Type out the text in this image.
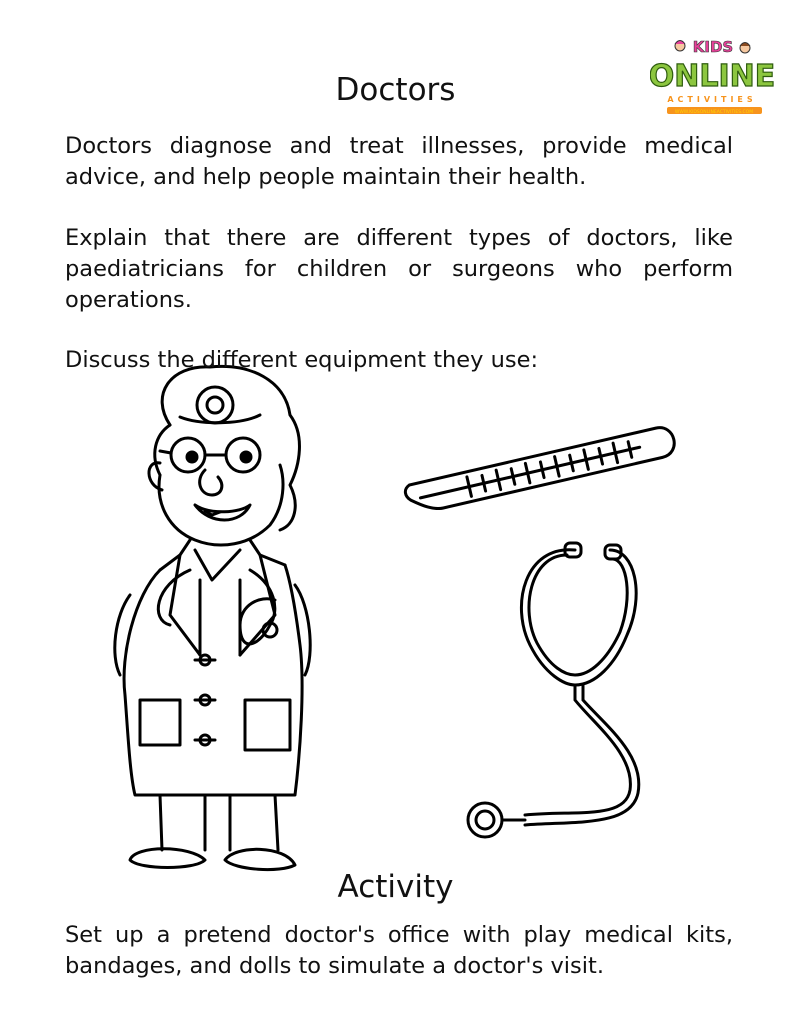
KIDS
ONLINE
ACTIVITIES
WWW.KIDSONLINEACTIVITIES.COM
Doctors

Doctors diagnose and treat illnesses, provide medical advice, and help people maintain their health.

Explain that there are different types of doctors, like paediatricians for children or surgeons who perform operations.

Discuss the different equipment they use:

Activity

Set up a pretend doctor's office with play medical kits, bandages, and dolls to simulate a doctor's visit.
